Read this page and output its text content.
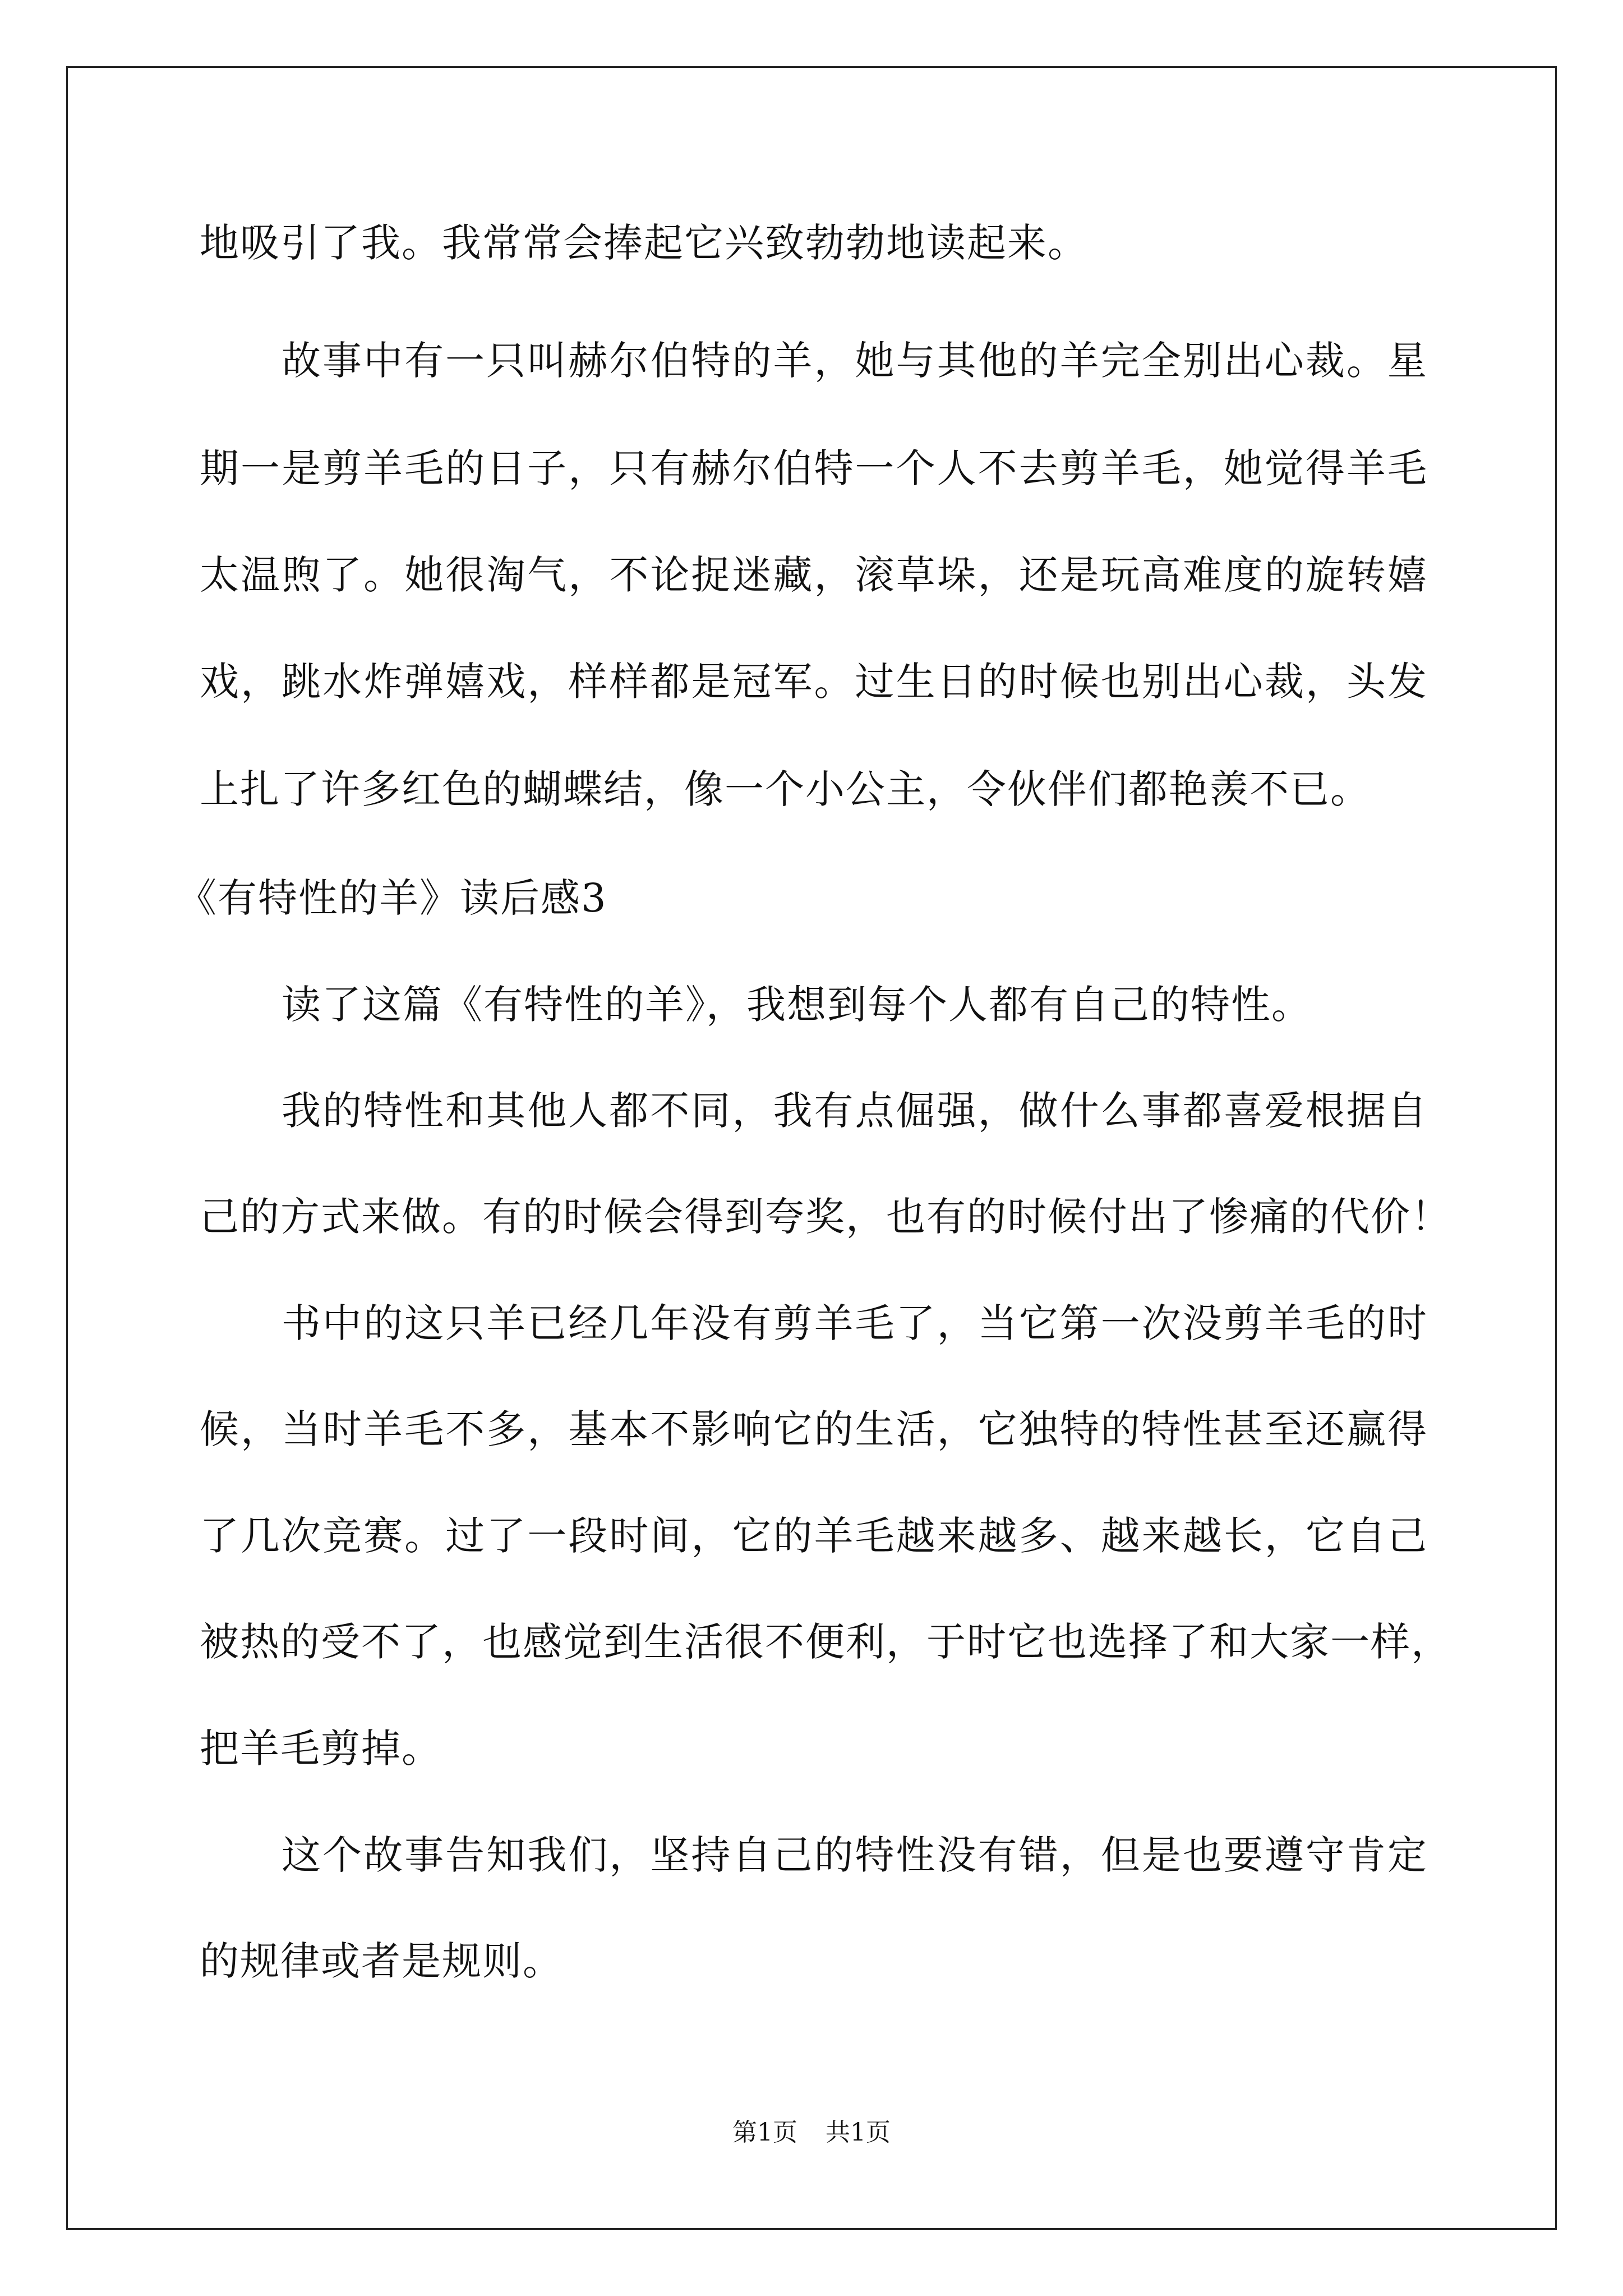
地吸引了我。我常常会捧起它兴致勃勃地读起来。
故事中有一只叫赫尔伯特的羊，她与其他的羊完全别出心裁。星
期一是剪羊毛的日子，只有赫尔伯特一个人不去剪羊毛，她觉得羊毛
太温煦了。她很淘气，不论捉迷藏，滚草垛，还是玩高难度的旋转嬉
戏，跳水炸弹嬉戏，样样都是冠军。过生日的时候也别出心裁，头发
上扎了许多红色的蝴蝶结，像一个小公主，令伙伴们都艳羡不已。
《有特性的羊》读后感3
读了这篇《有特性的羊》，我想到每个人都有自己的特性。
我的特性和其他人都不同，我有点倔强，做什么事都喜爱根据自
己的方式来做。有的时候会得到夸奖，也有的时候付出了惨痛的代价！
书中的这只羊已经几年没有剪羊毛了，当它第一次没剪羊毛的时
候，当时羊毛不多，基本不影响它的生活，它独特的特性甚至还赢得
了几次竞赛。过了一段时间，它的羊毛越来越多、越来越长，它自己
被热的受不了，也感觉到生活很不便利，于时它也选择了和大家一样，
把羊毛剪掉。
这个故事告知我们，坚持自己的特性没有错，但是也要遵守肯定
的规律或者是规则。
第1页 共1页
